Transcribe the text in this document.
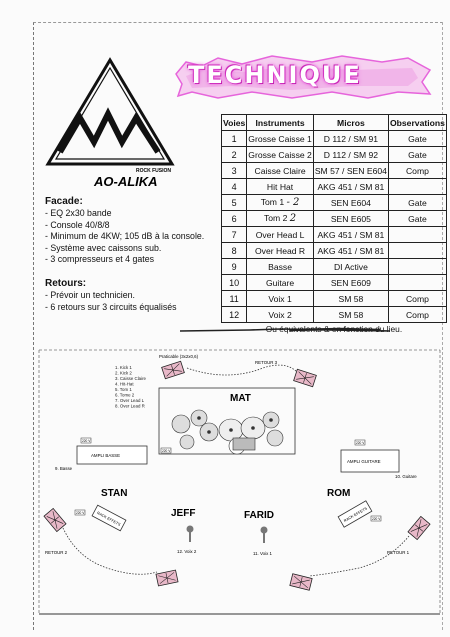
ROCK FUSION
AO-ALIKA
TECHNIQUE
Voies	Instruments	Micros	Observations
1	Grosse Caisse 1	D 112 / SM 91	Gate
2	Grosse Caisse 2	D 112 / SM 92	Gate
3	Caisse Claire	SM 57 / SEN E604	Comp
4	Hit Hat	AKG 451 / SM 81	
5	Tom 1 - 2	SEN E604	Gate
6	Tom 2 2	SEN E605	Gate
7	Over Head L	AKG 451 / SM 81	
8	Over Head R	AKG 451 / SM 81	
9	Basse	DI Active	
10	Guitare	SEN E609	
11	Voix 1	SM 58	Comp
12	Voix 2	SM 58	Comp
Ou équivalents & en fonction du lieu.			
Facade:
- EQ 2x30 bande
- Console 40/8/8
- Minimum de 4KW; 105 dB à la console.
- Système avec caissons sub.
- 3 compresseurs et 4 gates
Retours:
- Prévoir un technicien.
- 6 retours sur 3 circuits équalisés
1. Kick 1
2. Kick 2
3. Caisse Claire
4. Hit-Hat
5. Tom 1
6. Tome 2
7. Over Lead L
8. Over Lead R
Praticable (3x2x0,6)
MAT
220 V
220 V	220 V
220 V
220 V
RETOUR 3
AMPLI BASSE
9. Basse
AMPLI GUITARE
10. Guitare
STAN
JEFF	FARID
ROM
RACK EFFETS	RACK EFFETS
12. Voix 2	11. Voix 1
RETOUR 2	RETOUR 1
